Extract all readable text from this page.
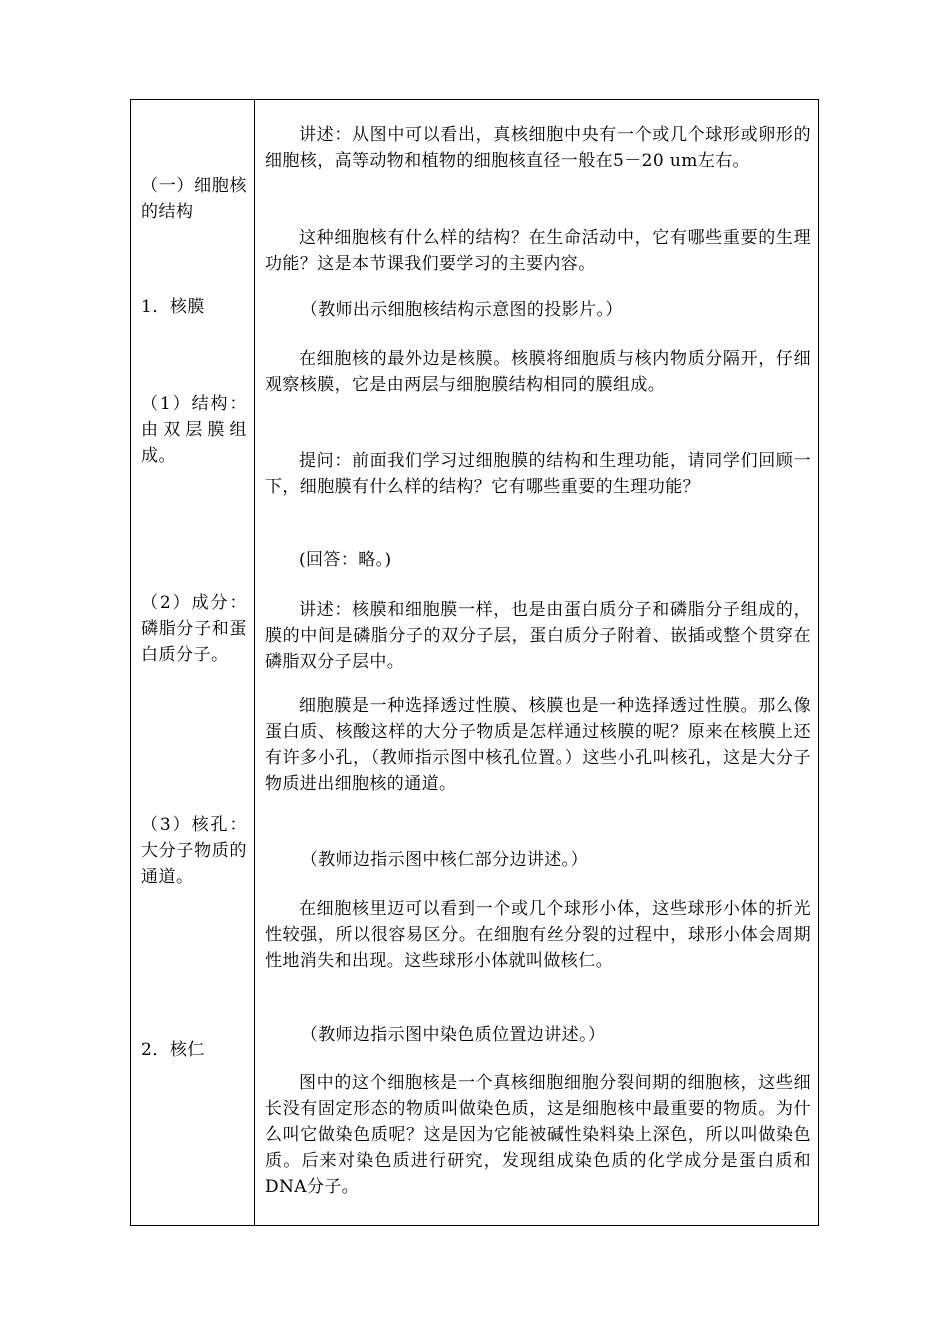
（一）细胞核的结构
1．核膜
（1）结构：由双层膜组成。
（2）成分：磷脂分子和蛋白质分子。
（3）核孔：大分子物质的通道。
2．核仁
讲述：从图中可以看出，真核细胞中央有一个或几个球形或卵形的细胞核，高等动物和植物的细胞核直径一般在5－20 um左右。
这种细胞核有什么样的结构？在生命活动中，它有哪些重要的生理功能？这是本节课我们要学习的主要内容。
（教师出示细胞核结构示意图的投影片。）
在细胞核的最外边是核膜。核膜将细胞质与核内物质分隔开，仔细观察核膜，它是由两层与细胞膜结构相同的膜组成。
提问：前面我们学习过细胞膜的结构和生理功能，请同学们回顾一下，细胞膜有什么样的结构？它有哪些重要的生理功能？
(回答：略。)
讲述：核膜和细胞膜一样，也是由蛋白质分子和磷脂分子组成的，膜的中间是磷脂分子的双分子层，蛋白质分子附着、嵌插或整个贯穿在磷脂双分子层中。
细胞膜是一种选择透过性膜、核膜也是一种选择透过性膜。那么像蛋白质、核酸这样的大分子物质是怎样通过核膜的呢？原来在核膜上还有许多小孔，（教师指示图中核孔位置。）这些小孔叫核孔，这是大分子物质进出细胞核的通道。
（教师边指示图中核仁部分边讲述。）
在细胞核里迈可以看到一个或几个球形小体，这些球形小体的折光性较强，所以很容易区分。在细胞有丝分裂的过程中，球形小体会周期性地消失和出现。这些球形小体就叫做核仁。
（教师边指示图中染色质位置边讲述。）
图中的这个细胞核是一个真核细胞细胞分裂间期的细胞核，这些细长没有固定形态的物质叫做染色质，这是细胞核中最重要的物质。为什么叫它做染色质呢？这是因为它能被碱性染料染上深色，所以叫做染色质。后来对染色质进行研究，发现组成染色质的化学成分是蛋白质和DNA分子。
